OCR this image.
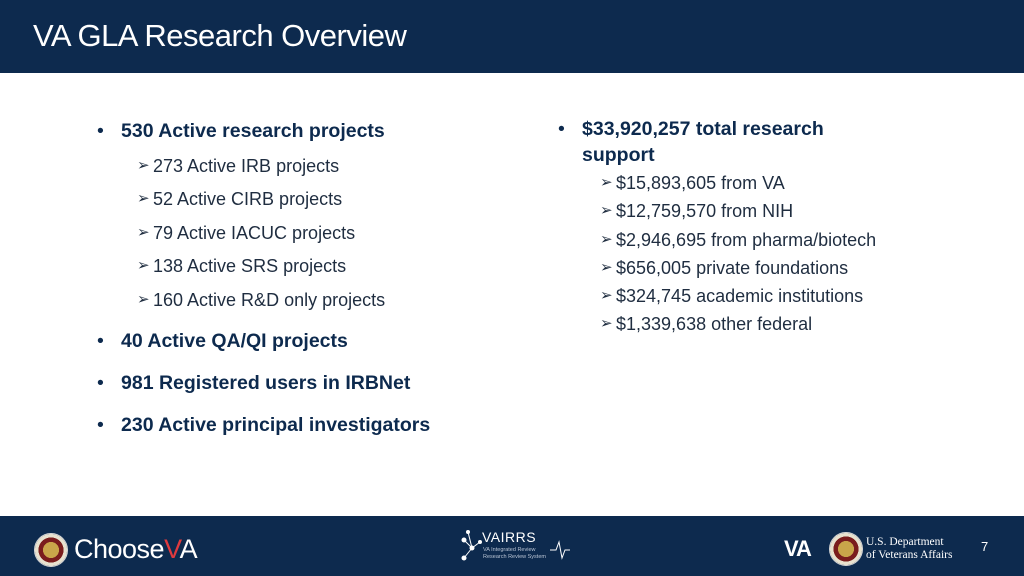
VA GLA Research Overview
• 530 Active research projects
➢ 273 Active IRB projects
➢ 52 Active CIRB projects
➢ 79 Active IACUC projects
➢ 138 Active SRS projects
➢ 160 Active R&D only projects
• 40 Active QA/QI projects
• 981 Registered users in IRBNet
• 230 Active principal investigators
• $33,920,257 total research
support
➢ $15,893,605 from VA
➢ $12,759,570 from NIH
➢ $2,946,695 from pharma/biotech
➢ $656,005 private foundations
➢ $324,745 academic institutions
➢ $1,339,638 other federal
ChooseVA	VAIRRS
VA Integrated Review
Research Review System	VA	U.S. Department
of Veterans Affairs
7
